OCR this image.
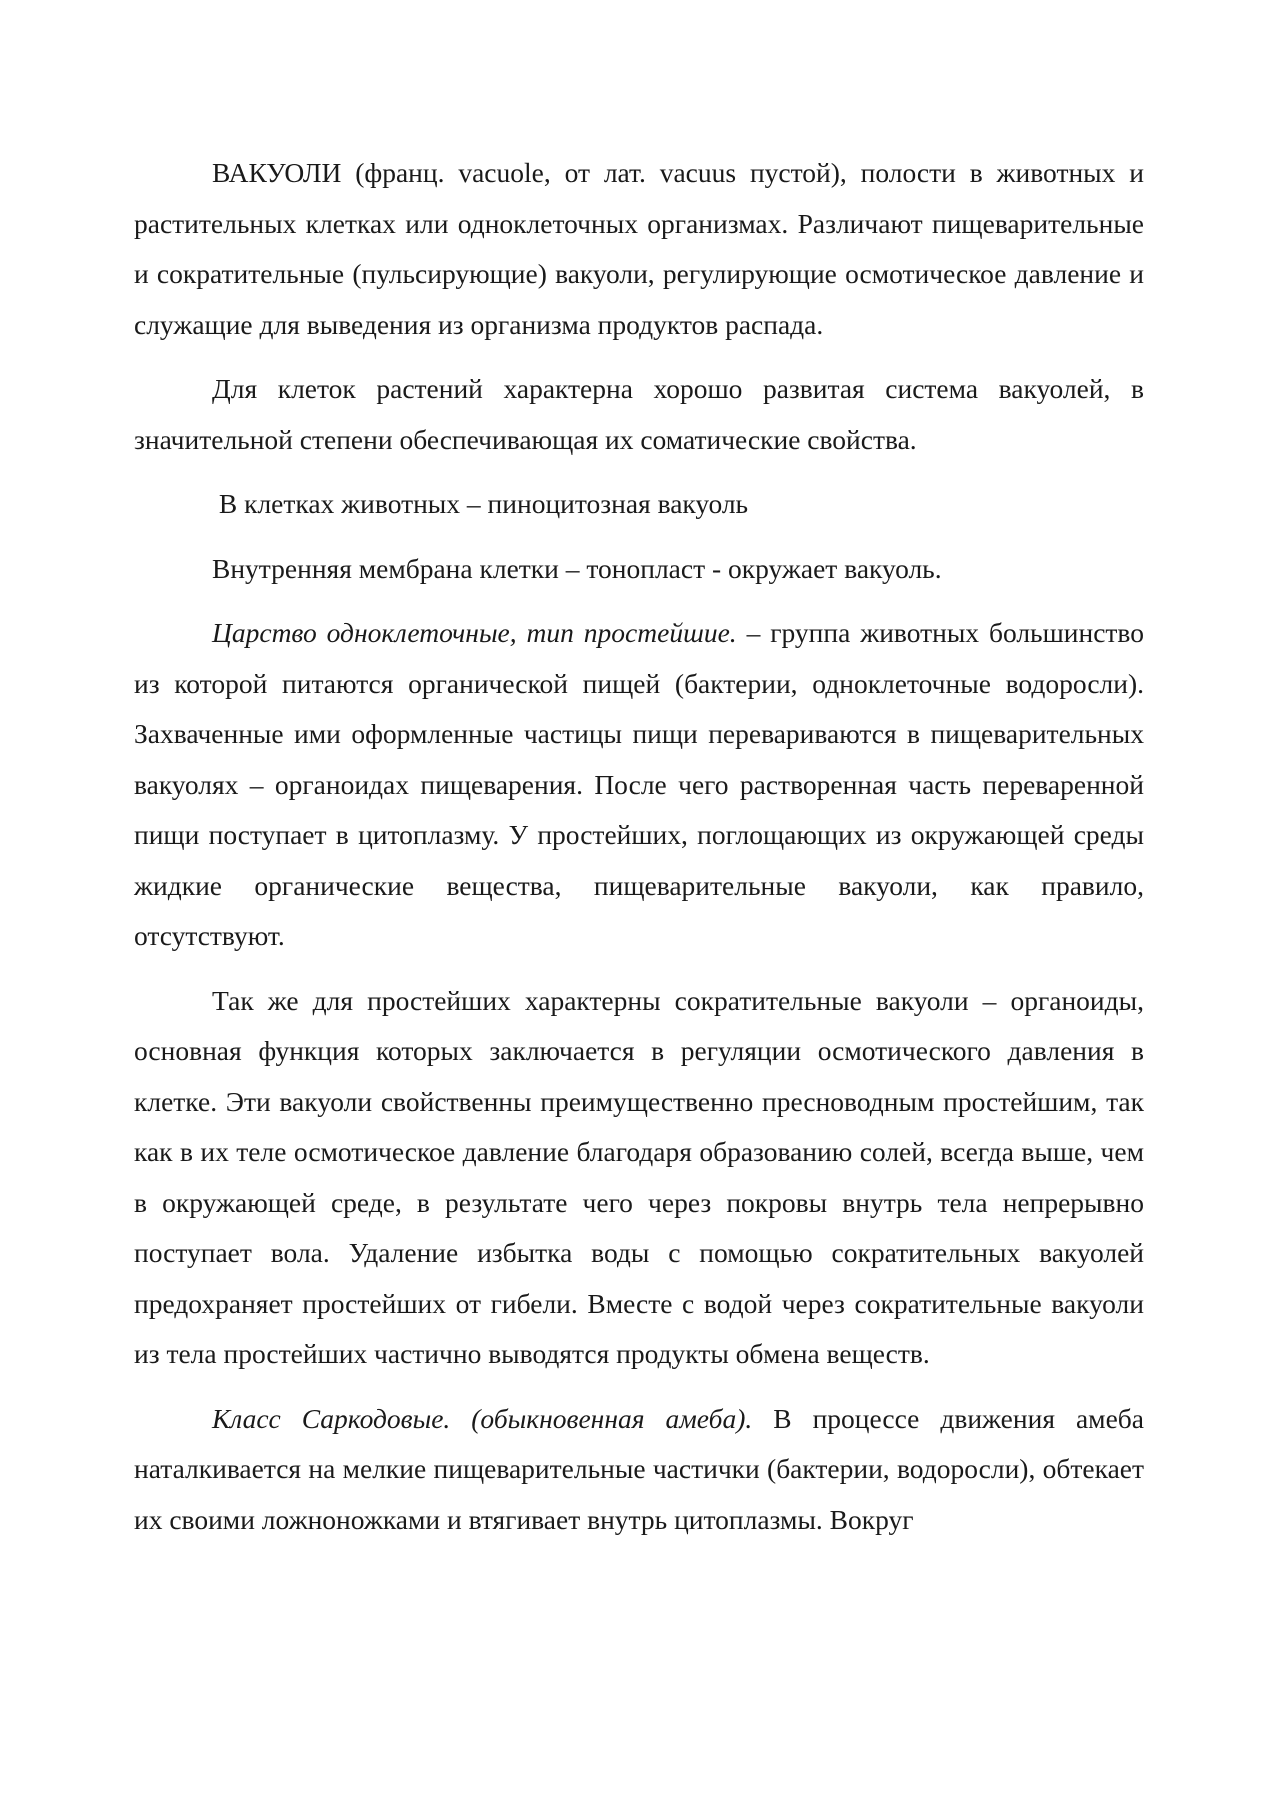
ВАКУОЛИ (франц. vacuole, от лат. vacuus пустой), полости в животных и растительных клетках или одноклеточных организмах. Различают пищеварительные и сократительные (пульсирующие) вакуоли, регулирующие осмотическое давление и служащие для выведения из организма продуктов распада.

Для клеток растений характерна хорошо развитая система вакуолей, в значительной степени обеспечивающая их соматические свойства.

В клетках животных – пиноцитозная вакуоль

Внутренняя мембрана клетки – тонопласт - окружает вакуоль.

Царство одноклеточные, тип простейшие. – группа животных большинство из которой питаются органической пищей (бактерии, одноклеточные водоросли). Захваченные ими оформленные частицы пищи перевариваются в пищеварительных вакуолях – органоидах пищеварения. После чего растворенная часть переваренной пищи поступает в цитоплазму. У простейших, поглощающих из окружающей среды жидкие органические вещества, пищеварительные вакуоли, как правило, отсутствуют.

Так же для простейших характерны сократительные вакуоли – органоиды, основная функция которых заключается в регуляции осмотического давления в клетке. Эти вакуоли свойственны преимущественно пресноводным простейшим, так как в их теле осмотическое давление благодаря образованию солей, всегда выше, чем в окружающей среде, в результате чего через покровы внутрь тела непрерывно поступает вола. Удаление избытка воды с помощью сократительных вакуолей предохраняет простейших от гибели. Вместе с водой через сократительные вакуоли из тела простейших частично выводятся продукты обмена веществ.

Класс Саркодовые. (обыкновенная амеба). В процессе движения амеба наталкивается на мелкие пищеварительные частички (бактерии, водоросли), обтекает их своими ложноножками и втягивает внутрь цитоплазмы. Вокруг
